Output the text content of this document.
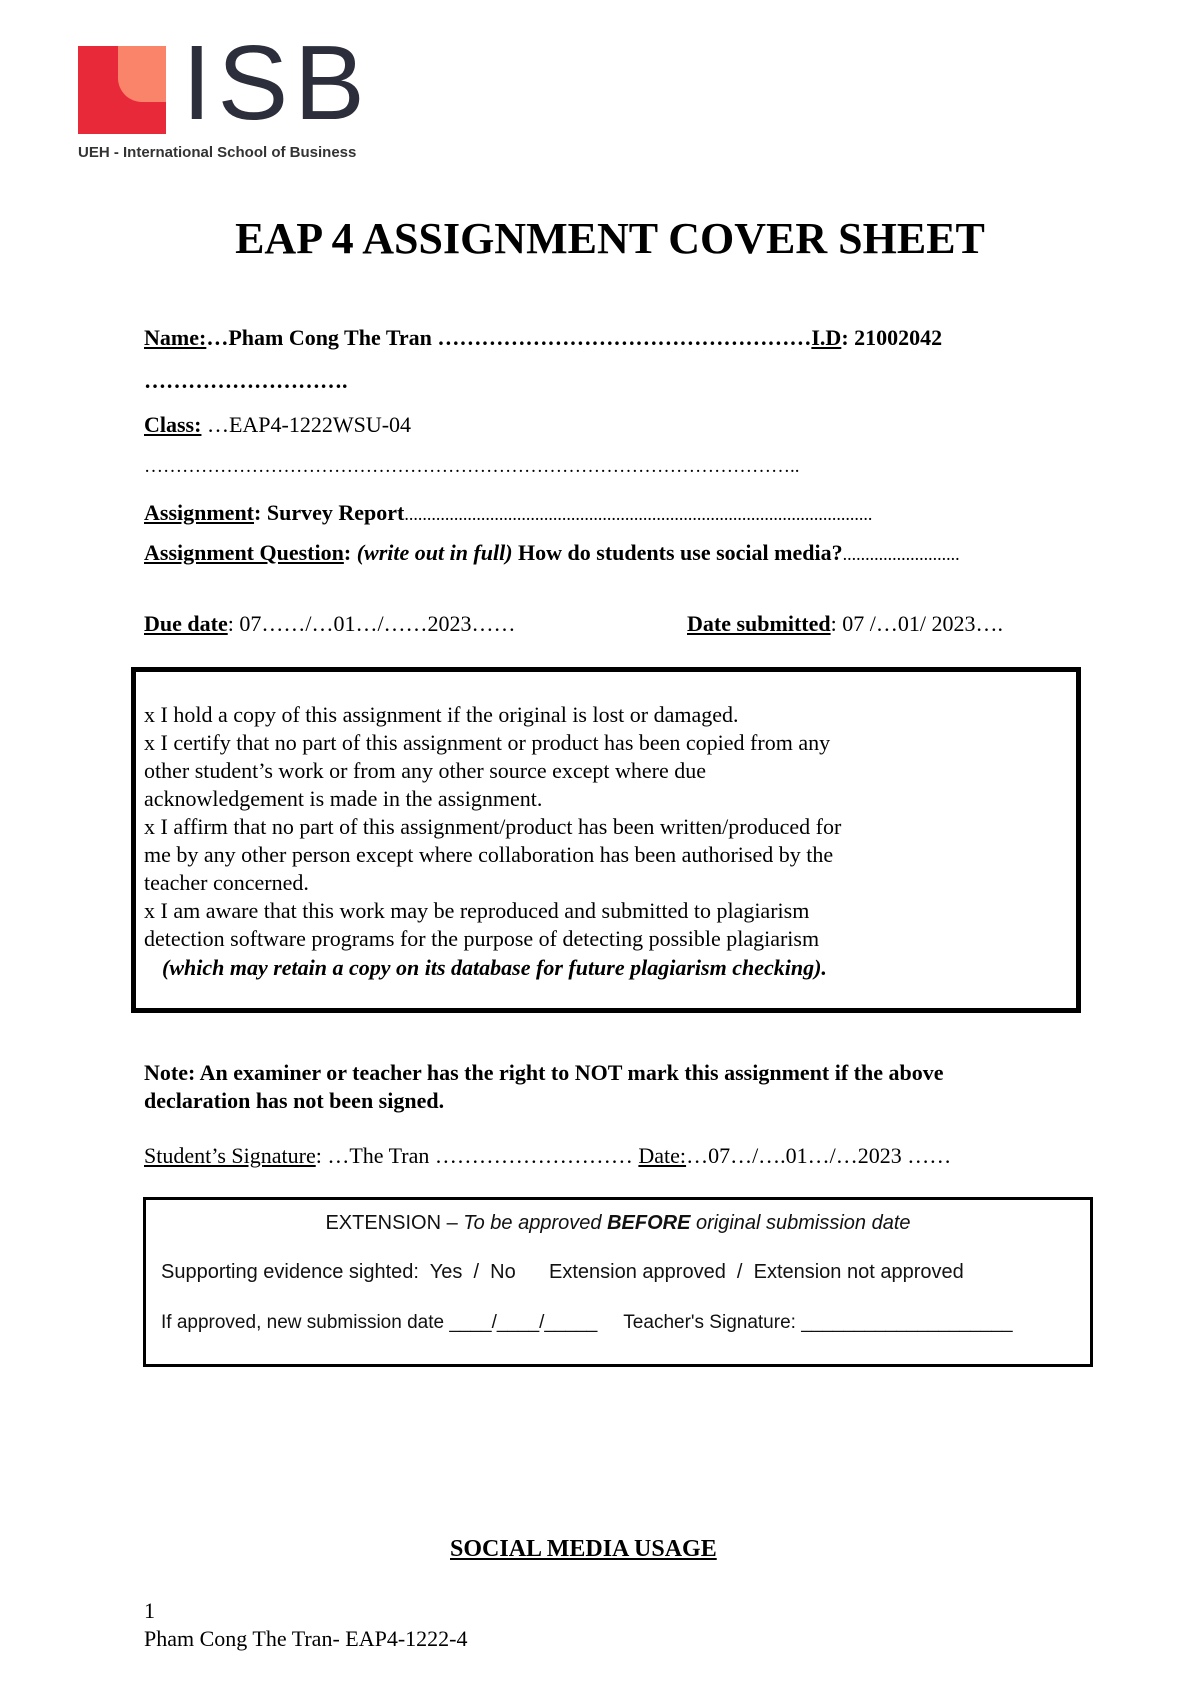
ISB
UEH - International School of Business
EAP 4 ASSIGNMENT COVER SHEET
Name:…Pham Cong The Tran ……………………………………………I.D: 21002042
……………………….
Class: …EAP4-1222WSU-04
…………………………………………………………………………………………..
Assignment: Survey Report........................................................................................................
Assignment Question: (write out in full) How do students use social media?..........................
Due date: 07……/…01…/……2023……	Date submitted: 07 /…01/ 2023….
x I hold a copy of this assignment if the original is lost or damaged.
x I certify that no part of this assignment or product has been copied from any
other student’s work or from any other source except where due
acknowledgement is made in the assignment.
x I affirm that no part of this assignment/product has been written/produced for
me by any other person except where collaboration has been authorised by the
teacher concerned.
x I am aware that this work may be reproduced and submitted to plagiarism
detection software programs for the purpose of detecting possible plagiarism
(which may retain a copy on its database for future plagiarism checking).
Note: An examiner or teacher has the right to NOT mark this assignment if the above
declaration has not been signed.
Student’s Signature: …The Tran ……………………… Date:…07…/….01…/…2023 ……
EXTENSION – To be approved BEFORE original submission date
Supporting evidence sighted:  Yes  /  No      Extension approved  /  Extension not approved
If approved, new submission date ____/____/_____     Teacher's Signature: ____________________
SOCIAL MEDIA USAGE
1
Pham Cong The Tran- EAP4-1222-4
